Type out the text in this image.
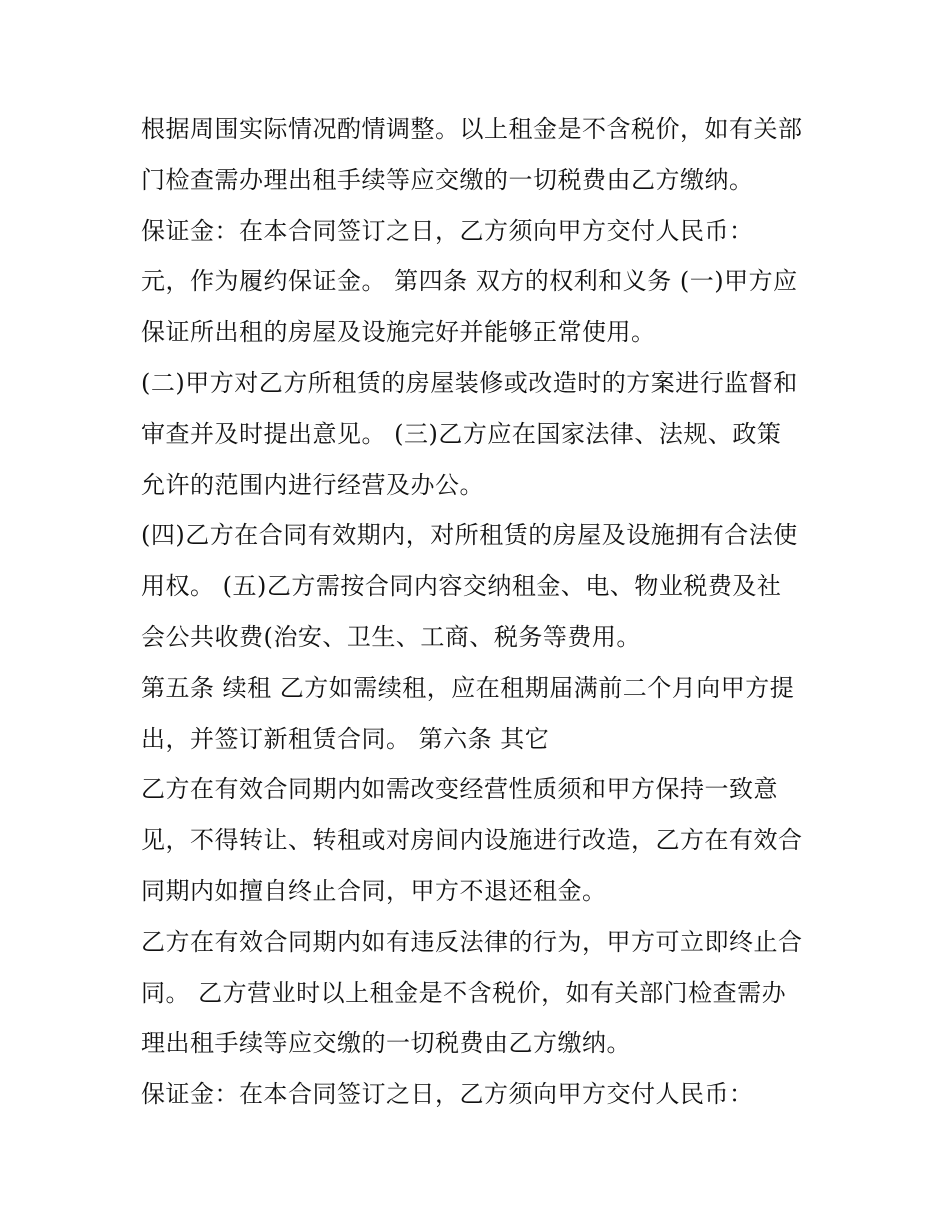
根据周围实际情况酌情调整。以上租金是不含税价，如有关部
门检查需办理出租手续等应交缴的一切税费由乙方缴纳。
保证金：在本合同签订之日，乙方须向甲方交付人民币：
元，作为履约保证金。 第四条 双方的权利和义务 (一)甲方应
保证所出租的房屋及设施完好并能够正常使用。
(二)甲方对乙方所租赁的房屋装修或改造时的方案进行监督和
审查并及时提出意见。 (三)乙方应在国家法律、法规、政策
允许的范围内进行经营及办公。
(四)乙方在合同有效期内，对所租赁的房屋及设施拥有合法使
用权。 (五)乙方需按合同内容交纳租金、电、物业税费及社
会公共收费(治安、卫生、工商、税务等费用。
第五条 续租 乙方如需续租，应在租期届满前二个月向甲方提
出，并签订新租赁合同。 第六条 其它
乙方在有效合同期内如需改变经营性质须和甲方保持一致意
见，不得转让、转租或对房间内设施进行改造，乙方在有效合
同期内如擅自终止合同，甲方不退还租金。
乙方在有效合同期内如有违反法律的行为，甲方可立即终止合
同。 乙方营业时以上租金是不含税价，如有关部门检查需办
理出租手续等应交缴的一切税费由乙方缴纳。
保证金：在本合同签订之日，乙方须向甲方交付人民币：
